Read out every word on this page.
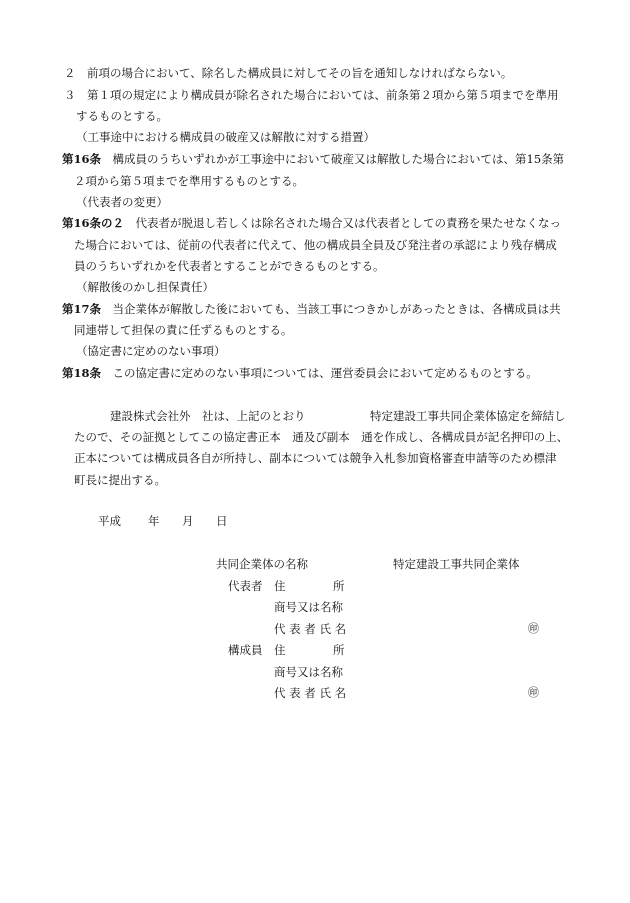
２　前項の場合において、除名した構成員に対してその旨を通知しなければならない。
３　第１項の規定により構成員が除名された場合においては、前条第２項から第５項までを準用
するものとする。
（工事途中における構成員の破産又は解散に対する措置）
第16条　構成員のうちいずれかが工事途中において破産又は解散した場合においては、第15条第
２項から第５項までを準用するものとする。
（代表者の変更）
第16条の２　代表者が脱退し若しくは除名された場合又は代表者としての責務を果たせなくなっ
た場合においては、従前の代表者に代えて、他の構成員全員及び発注者の承認により残存構成
員のうちいずれかを代表者とすることができるものとする。
（解散後のかし担保責任）
第17条　当企業体が解散した後においても、当該工事につきかしがあったときは、各構成員は共
同連帯して担保の責に任ずるものとする。
（協定書に定めのない事項）
第18条　この協定書に定めのない事項については、運営委員会において定めるものとする。
建設株式会社外　社は、上記のとおり	特定建設工事共同企業体協定を締結し
たので、その証拠としてこの協定書正本　通及び副本　通を作成し、各構成員が記名押印の上、
正本については構成員各自が所持し、副本については競争入札参加資格審査申請等のため標津
町長に提出する。
平成 年 月 日
共同企業体の名称	特定建設工事共同企業体
代表者 住	所
商号又は名称
代 表 者 氏 名	㊞
構成員 住	所
商号又は名称
代 表 者 氏 名	㊞
